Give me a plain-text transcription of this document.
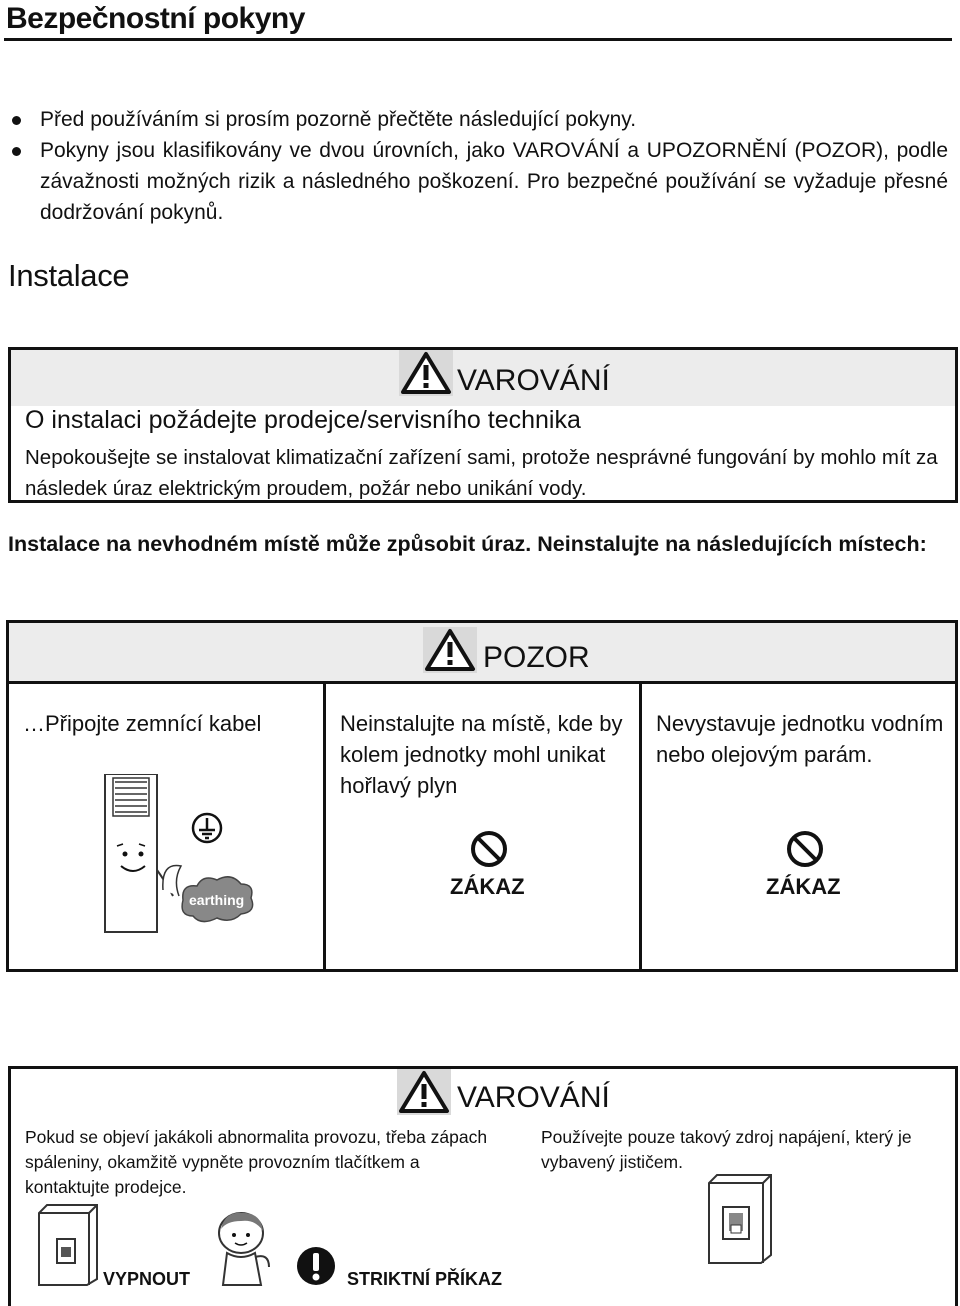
Bezpečnostní pokyny
Před používáním si prosím pozorně přečtěte následující pokyny.
Pokyny jsou klasifikovány ve dvou úrovních, jako VAROVÁNÍ a UPOZORNĚNÍ (POZOR), podle závažnosti možných rizik a následného poškození. Pro bezpečné používání se vyžaduje přesné dodržování pokynů.
Instalace
VAROVÁNÍ
O instalaci požádejte prodejce/servisního technika
Nepokoušejte se instalovat klimatizační zařízení sami, protože nesprávné fungování by mohlo mít za následek úraz elektrickým proudem, požár nebo unikání vody.
Instalace na nevhodném místě může způsobit úraz. Neinstalujte na následujících místech:
POZOR
…Připojte zemnící kabel
earthing
Neinstalujte na místě, kde by kolem jednotky mohl unikat hořlavý plyn
ZÁKAZ
Nevystavuje jednotku vodním nebo olejovým parám.
ZÁKAZ
VAROVÁNÍ
Pokud se objeví jakákoli abnormalita provozu, třeba zápach spáleniny, okamžitě vypněte provozním tlačítkem a kontaktujte prodejce.
Používejte pouze takový zdroj napájení, který je vybavený jističem.
VYPNOUT	STRIKTNÍ PŘÍKAZ
